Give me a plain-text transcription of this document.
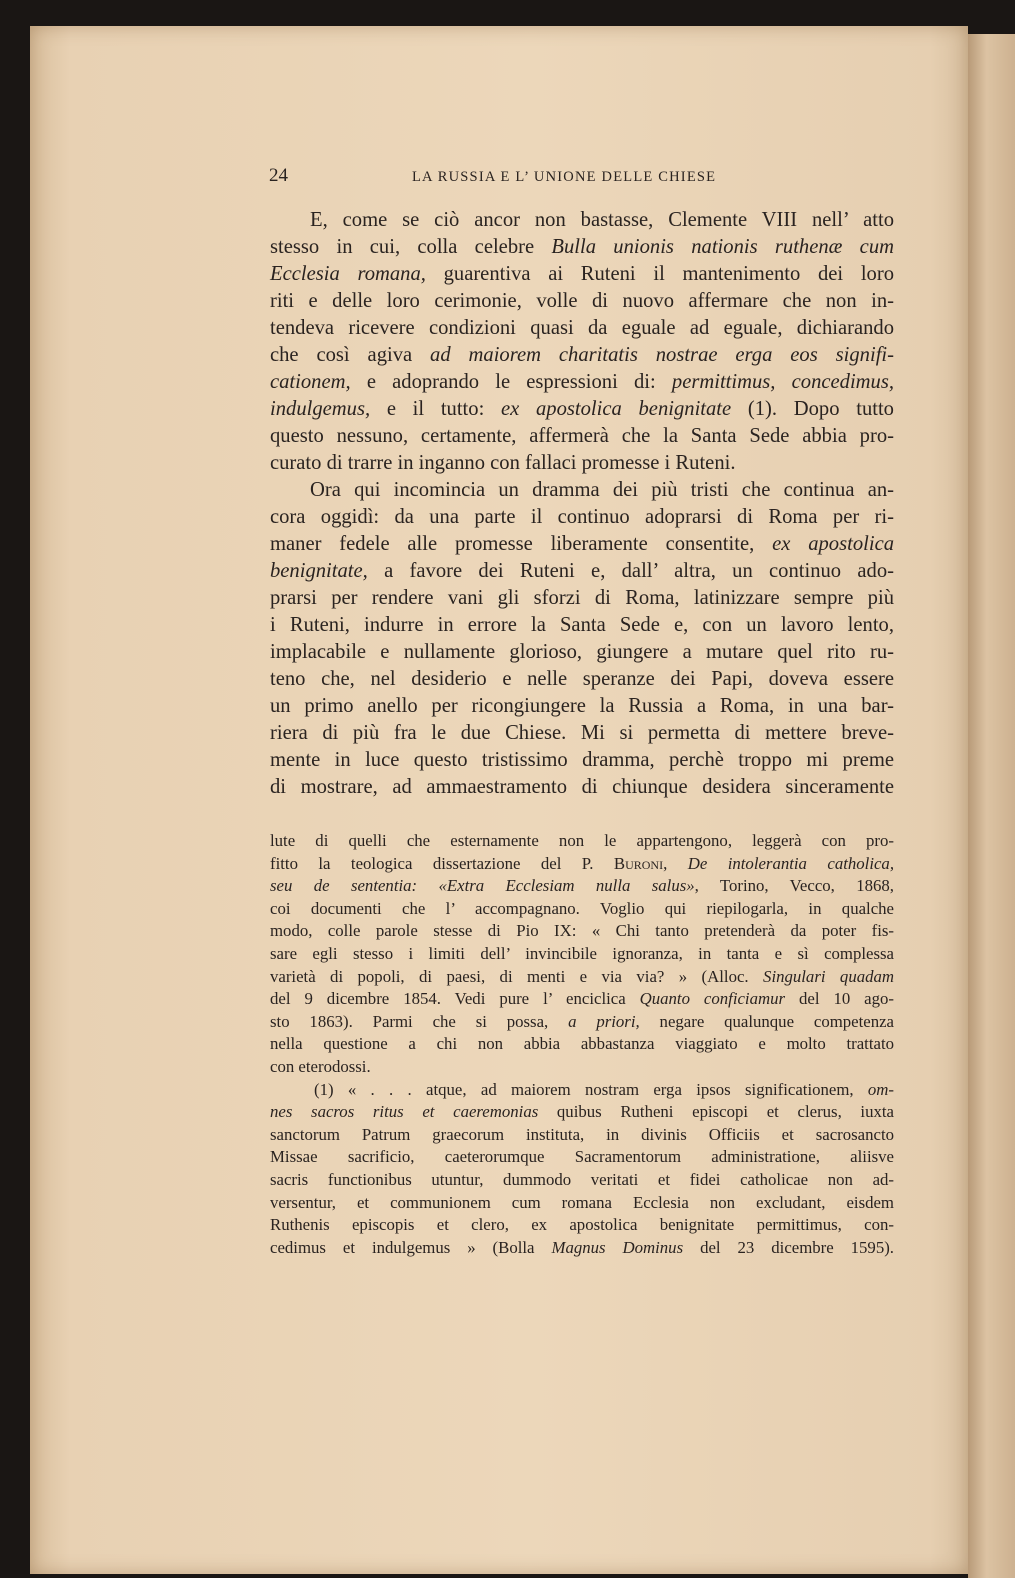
24	LA RUSSIA E L’ UNIONE DELLE CHIESE
E, come se ciò ancor non bastasse, Clemente VIII nell’ atto
stesso in cui, colla celebre Bulla unionis nationis ruthenæ cum
Ecclesia romana, guarentiva ai Ruteni il mantenimento dei loro
riti e delle loro cerimonie, volle di nuovo affermare che non in-
tendeva ricevere condizioni quasi da eguale ad eguale, dichiarando
che così agiva ad maiorem charitatis nostrae erga eos signifi-
cationem, e adoprando le espressioni di: permittimus, concedimus,
indulgemus, e il tutto: ex apostolica benignitate (1). Dopo tutto
questo nessuno, certamente, affermerà che la Santa Sede abbia pro-
curato di trarre in inganno con fallaci promesse i Ruteni.
Ora qui incomincia un dramma dei più tristi che continua an-
cora oggidì: da una parte il continuo adoprarsi di Roma per ri-
maner fedele alle promesse liberamente consentite, ex apostolica
benignitate, a favore dei Ruteni e, dall’ altra, un continuo ado-
prarsi per rendere vani gli sforzi di Roma, latinizzare sempre più
i Ruteni, indurre in errore la Santa Sede e, con un lavoro lento,
implacabile e nullamente glorioso, giungere a mutare quel rito ru-
teno che, nel desiderio e nelle speranze dei Papi, doveva essere
un primo anello per ricongiungere la Russia a Roma, in una bar-
riera di più fra le due Chiese. Mi si permetta di mettere breve-
mente in luce questo tristissimo dramma, perchè troppo mi preme
di mostrare, ad ammaestramento di chiunque desidera sinceramente
lute di quelli che esternamente non le appartengono, leggerà con pro-
fitto la teologica dissertazione del P. Buroni, De intolerantia catholica,
seu de sententia: «Extra Ecclesiam nulla salus», Torino, Vecco, 1868,
coi documenti che l’ accompagnano. Voglio qui riepilogarla, in qualche
modo, colle parole stesse di Pio IX: « Chi tanto pretenderà da poter fis-
sare egli stesso i limiti dell’ invincibile ignoranza, in tanta e sì complessa
varietà di popoli, di paesi, di menti e via via? » (Alloc. Singulari quadam
del 9 dicembre 1854. Vedi pure l’ enciclica Quanto conficiamur del 10 ago-
sto 1863). Parmi che si possa, a priori, negare qualunque competenza
nella questione a chi non abbia abbastanza viaggiato e molto trattato
con eterodossi.
(1) « . . . atque, ad maiorem nostram erga ipsos significationem, om-
nes sacros ritus et caeremonias quibus Rutheni episcopi et clerus, iuxta
sanctorum Patrum graecorum instituta, in divinis Officiis et sacrosancto
Missae sacrificio, caeterorumque Sacramentorum administratione, aliisve
sacris functionibus utuntur, dummodo veritati et fidei catholicae non ad-
versentur, et communionem cum romana Ecclesia non excludant, eisdem
Ruthenis episcopis et clero, ex apostolica benignitate permittimus, con-
cedimus et indulgemus » (Bolla Magnus Dominus del 23 dicembre 1595).
